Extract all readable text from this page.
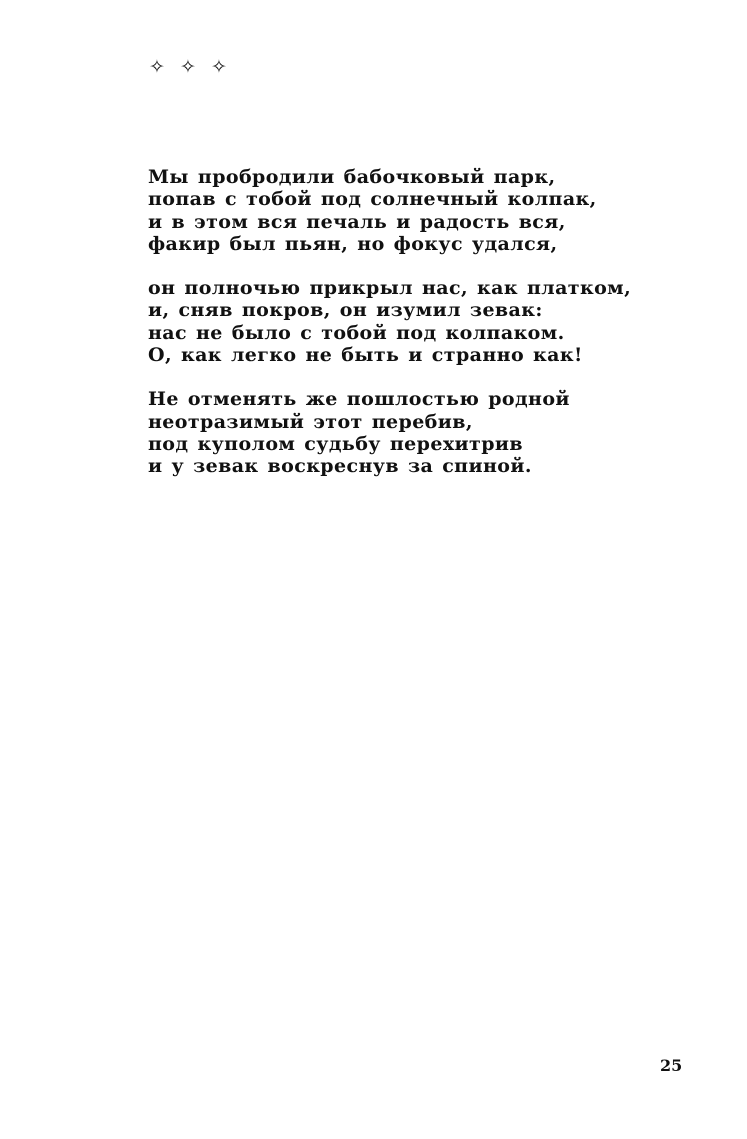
✧ ✧ ✧
Мы пробродили бабочковый парк,
попав с тобой под солнечный колпак,
и в этом вся печаль и радость вся,
факир был пьян, но фокус удался,
он полночью прикрыл нас, как платком,
и, сняв покров, он изумил зевак:
нас не было с тобой под колпаком.
О, как легко не быть и странно как!
Не отменять же пошлостью родной
неотразимый этот перебив,
под куполом судьбу перехитрив
и у зевак воскреснув за спиной.
25
